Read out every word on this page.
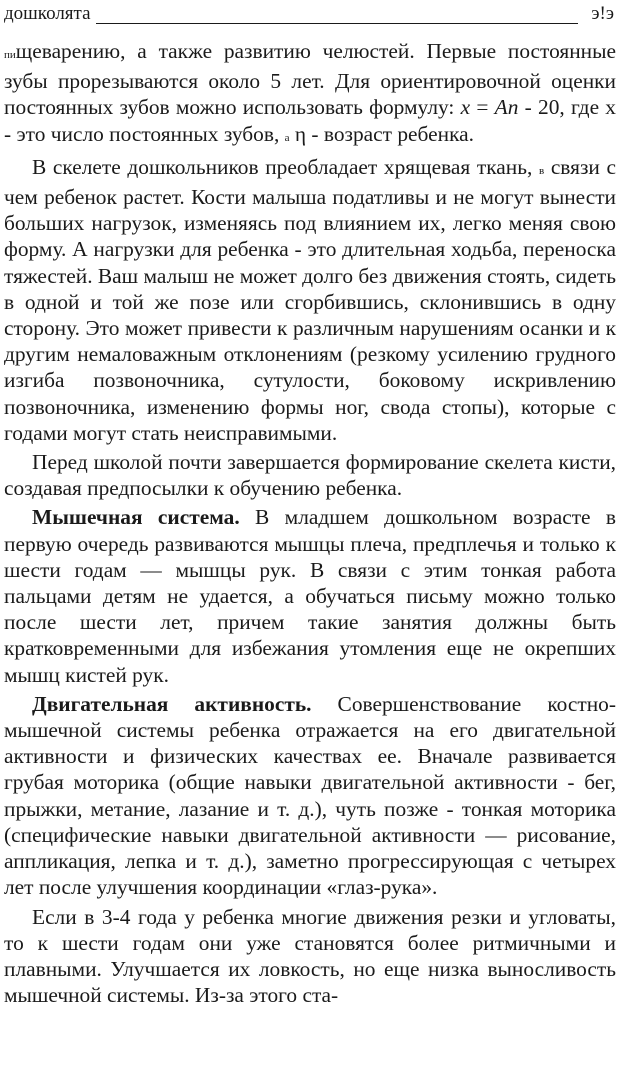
дошколята	э!э

пищеварению, а также развитию челюстей. Первые постоянные зубы прорезываются около 5 лет. Для ориентировочной оценки постоянных зубов можно использовать формулу: x = An - 20, где x - это число постоянных зубов, а η - возраст ребенка.

В скелете дошкольников преобладает хрящевая ткань, в связи с чем ребенок растет. Кости малыша податливы и не могут вынести больших нагрузок, изменяясь под влиянием их, легко меняя свою форму. А нагрузки для ребенка - это длительная ходьба, переноска тяжестей. Ваш малыш не может долго без движения стоять, сидеть в одной и той же позе или сгорбившись, склонившись в одну сторону. Это может привести к различным нарушениям осанки и к другим немаловажным отклонениям (резкому усилению грудного изгиба позвоночника, сутулости, боковому искривлению позвоночника, изменению формы ног, свода стопы), которые с годами могут стать неисправимыми.

Перед школой почти завершается формирование скелета кисти, создавая предпосылки к обучению ребенка.

Мышечная система. В младшем дошкольном возрасте в первую очередь развиваются мышцы плеча, предплечья и только к шести годам — мышцы рук. В связи с этим тонкая работа пальцами детям не удается, а обучаться письму можно только после шести лет, причем такие занятия должны быть кратковременными для избежания утомления еще не окрепших мышц кистей рук.

Двигательная активность. Совершенствование костно-мышечной системы ребенка отражается на его двигательной активности и физических качествах ее. Вначале развивается грубая моторика (общие навыки двигательной активности - бег, прыжки, метание, лазание и т. д.), чуть позже - тонкая моторика (специфические навыки двигательной активности — рисование, аппликация, лепка и т. д.), заметно прогрессирующая с четырех лет после улучшения координации «глаз-рука».

Если в 3-4 года у ребенка многие движения резки и угловаты, то к шести годам они уже становятся более ритмичными и плавными. Улучшается их ловкость, но еще низка выносливость мышечной системы. Из-за этого ста-
